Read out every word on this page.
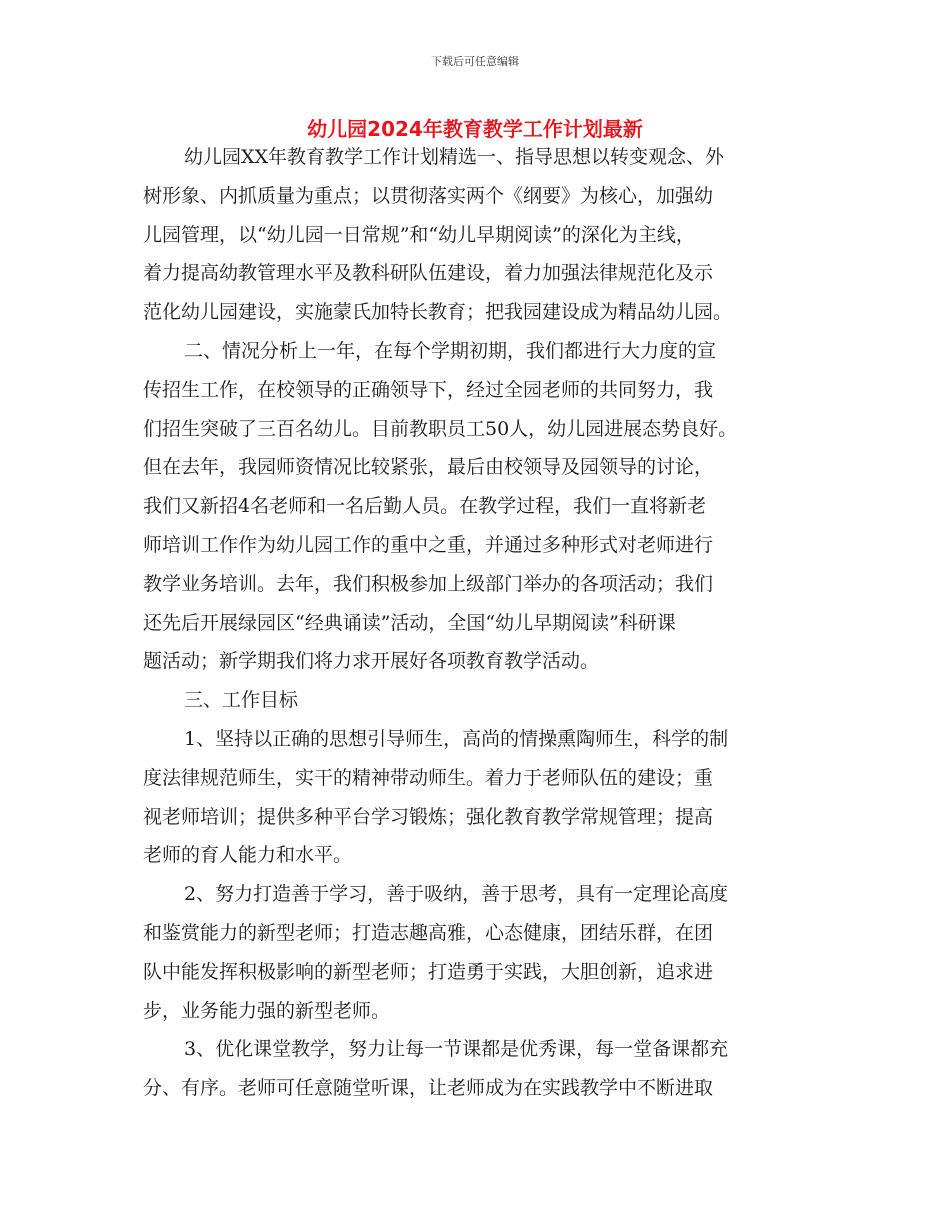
下载后可任意编辑
幼儿园2024年教育教学工作计划最新

幼儿园XX年教育教学工作计划精选一、指导思想以转变观念、外
树形象、内抓质量为重点；以贯彻落实两个《纲要》为核心，加强幼
儿园管理，以“幼儿园一日常规”和“幼儿早期阅读”的深化为主线，
着力提高幼教管理水平及教科研队伍建设，着力加强法律规范化及示
范化幼儿园建设，实施蒙氏加特长教育；把我园建设成为精品幼儿园。

二、情况分析上一年，在每个学期初期，我们都进行大力度的宣
传招生工作，在校领导的正确领导下，经过全园老师的共同努力，我
们招生突破了三百名幼儿。目前教职员工50人，幼儿园进展态势良好。
但在去年，我园师资情况比较紧张，最后由校领导及园领导的讨论，
我们又新招4名老师和一名后勤人员。在教学过程，我们一直将新老
师培训工作作为幼儿园工作的重中之重，并通过多种形式对老师进行
教学业务培训。去年，我们积极参加上级部门举办的各项活动；我们
还先后开展绿园区“经典诵读”活动，全国“幼儿早期阅读”科研课
题活动；新学期我们将力求开展好各项教育教学活动。

三、工作目标

1、坚持以正确的思想引导师生，高尚的情操熏陶师生，科学的制
度法律规范师生，实干的精神带动师生。着力于老师队伍的建设；重
视老师培训；提供多种平台学习锻炼；强化教育教学常规管理；提高
老师的育人能力和水平。

2、努力打造善于学习，善于吸纳，善于思考，具有一定理论高度
和鉴赏能力的新型老师；打造志趣高雅，心态健康，团结乐群，在团
队中能发挥积极影响的新型老师；打造勇于实践，大胆创新，追求进
步，业务能力强的新型老师。

3、优化课堂教学，努力让每一节课都是优秀课，每一堂备课都充
分、有序。老师可任意随堂听课，让老师成为在实践教学中不断进取
